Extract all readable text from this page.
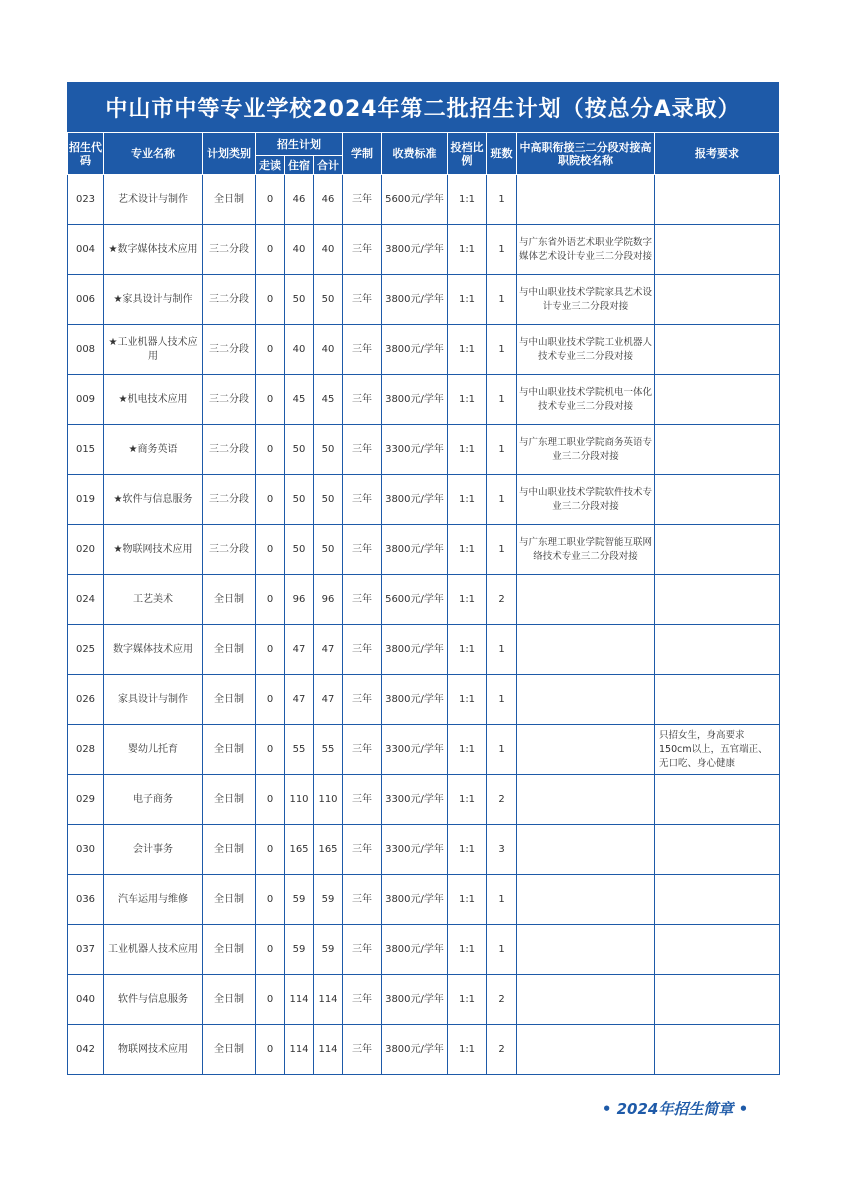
中山市中等专业学校2024年第二批招生计划（按总分A录取）
招生代码	专业名称	计划类别	招生计划			学制	收费标准	投档比例	班数	中高职衔接三二分段对接高职院校名称	报考要求
			走读	住宿	合计						
023	艺术设计与制作	全日制	0	46	46	三年	5600元/学年	1:1	1		
004	★数字媒体技术应用	三二分段	0	40	40	三年	3800元/学年	1:1	1	与广东省外语艺术职业学院数字媒体艺术设计专业三二分段对接	
006	★家具设计与制作	三二分段	0	50	50	三年	3800元/学年	1:1	1	与中山职业技术学院家具艺术设计专业三二分段对接	
008	★工业机器人技术应用	三二分段	0	40	40	三年	3800元/学年	1:1	1	与中山职业技术学院工业机器人技术专业三二分段对接	
009	★机电技术应用	三二分段	0	45	45	三年	3800元/学年	1:1	1	与中山职业技术学院机电一体化技术专业三二分段对接	
015	★商务英语	三二分段	0	50	50	三年	3300元/学年	1:1	1	与广东理工职业学院商务英语专业三二分段对接	
019	★软件与信息服务	三二分段	0	50	50	三年	3800元/学年	1:1	1	与中山职业技术学院软件技术专业三二分段对接	
020	★物联网技术应用	三二分段	0	50	50	三年	3800元/学年	1:1	1	与广东理工职业学院智能互联网络技术专业三二分段对接	
024	工艺美术	全日制	0	96	96	三年	5600元/学年	1:1	2		
025	数字媒体技术应用	全日制	0	47	47	三年	3800元/学年	1:1	1		
026	家具设计与制作	全日制	0	47	47	三年	3800元/学年	1:1	1		
028	婴幼儿托育	全日制	0	55	55	三年	3300元/学年	1:1	1		只招女生，身高要求150cm以上，五官端正、无口吃、身心健康
029	电子商务	全日制	0	110	110	三年	3300元/学年	1:1	2		
030	会计事务	全日制	0	165	165	三年	3300元/学年	1:1	3		
036	汽车运用与维修	全日制	0	59	59	三年	3800元/学年	1:1	1		
037	工业机器人技术应用	全日制	0	59	59	三年	3800元/学年	1:1	1		
040	软件与信息服务	全日制	0	114	114	三年	3800元/学年	1:1	2		
042	物联网技术应用	全日制	0	114	114	三年	3800元/学年	1:1	2		
• 2024年招生简章 •
